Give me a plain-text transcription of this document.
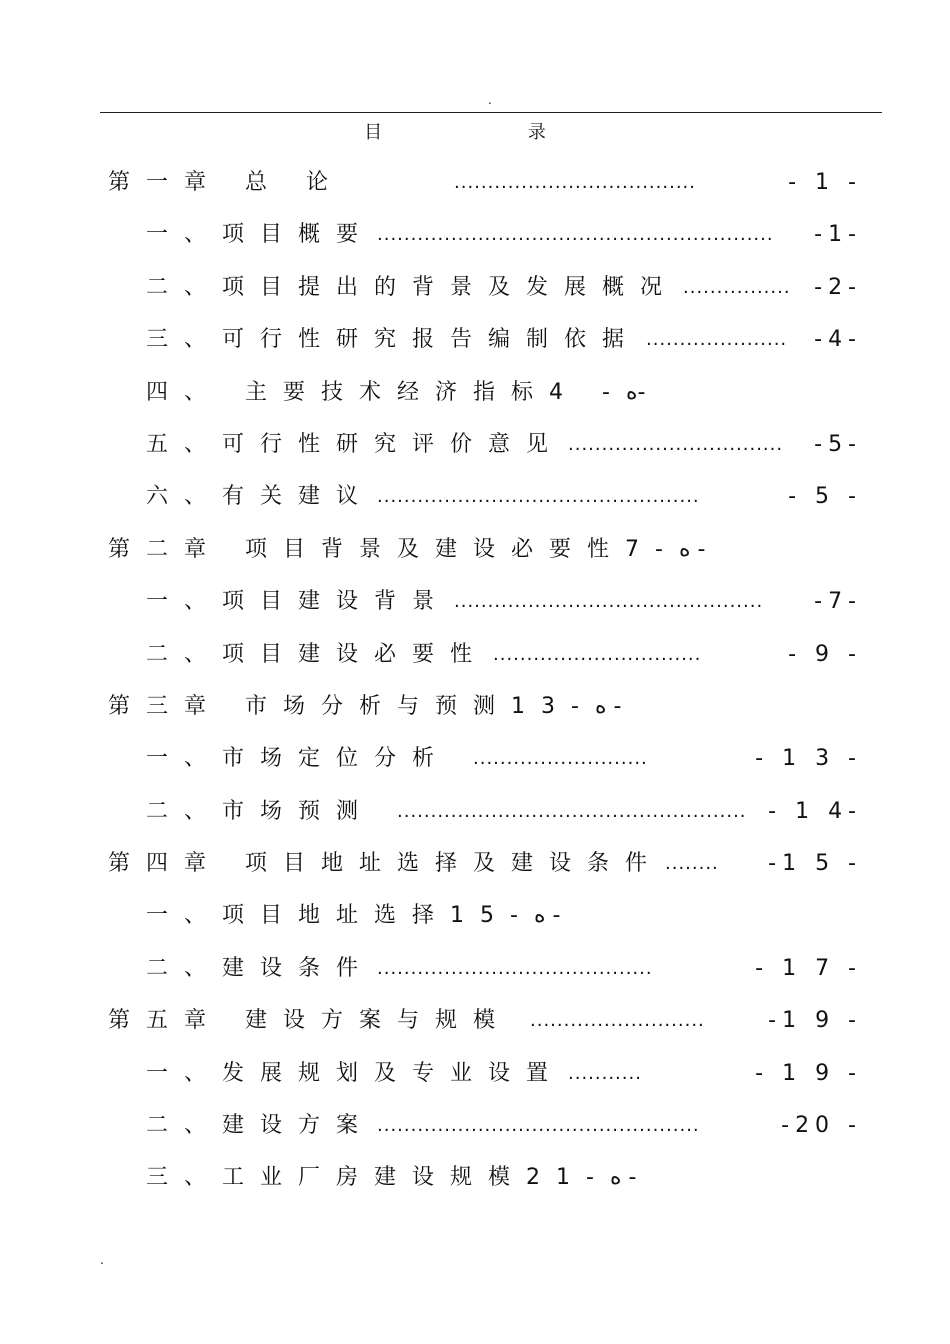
.
目 录
第一章 总 论	....................................	- 1 -
一、项目概要 ...........................................................	-1-
二、项目提出的背景及发展概况 ................ -2-
三、可行性研究报告编制依据 .....................	-4-
四、 主要技术经济指标4 -ە-
五、可行性研究评价意见 ................................	-5-
六、有关建议 ................................................	- 5 -
第二章 项目背景及建设必要性7-ە -
一、项目建设背景 ..............................................	-7-
二、项目建设必要性 ...............................	- 9 -
第三章 市场分析与预测13-ە -
一、市场定位分析 ..........................	- 1 3 -
二、市场预测 .................................................... - 1 4-
第四章 项目地址选择及建设条件 ........ -1 5 -
一、项目地址选择15-ە -
二、建设条件 .........................................	- 1 7 -
第五章 建设方案与规模 ..........................	-1 9 -
一、发展规划及专业设置 ...........	- 1 9 -
二、建设方案 ................................................	-20 -
三、工业厂房建设规模21-ە -
.
